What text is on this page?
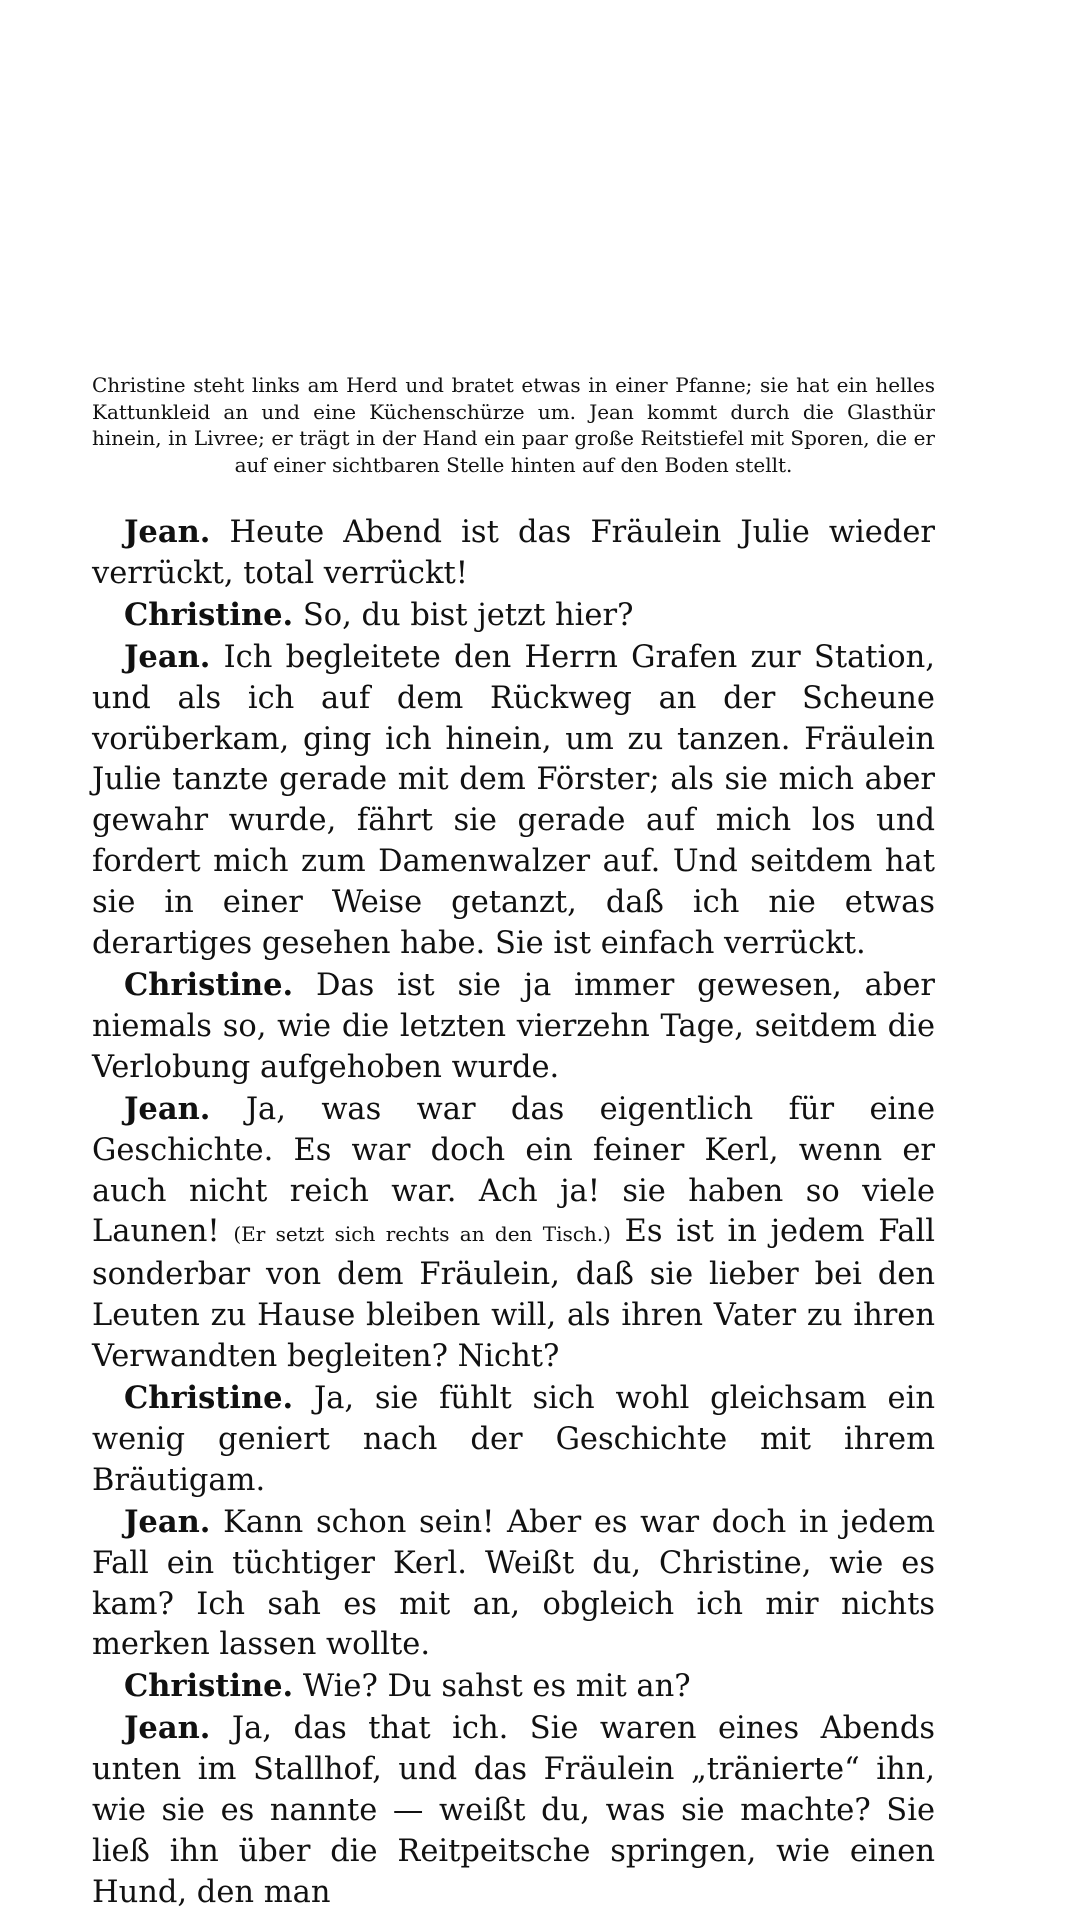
Christine steht links am Herd und bratet etwas in einer Pfanne; sie hat ein helles Kattunkleid an und eine Küchenschürze um. Jean kommt durch die Glasthür hinein, in Livree; er trägt in der Hand ein paar große Reitstiefel mit Sporen, die er auf einer sichtbaren Stelle hinten auf den Boden stellt.

Jean. Heute Abend ist das Fräulein Julie wieder verrückt, total verrückt!

Christine. So, du bist jetzt hier?

Jean. Ich begleitete den Herrn Grafen zur Station, und als ich auf dem Rückweg an der Scheune vorüberkam, ging ich hinein, um zu tanzen. Fräulein Julie tanzte gerade mit dem Förster; als sie mich aber gewahr wurde, fährt sie gerade auf mich los und fordert mich zum Damenwalzer auf. Und seitdem hat sie in einer Weise getanzt, daß ich nie etwas derartiges gesehen habe. Sie ist einfach verrückt.

Christine. Das ist sie ja immer gewesen, aber niemals so, wie die letzten vierzehn Tage, seitdem die Verlobung aufgehoben wurde.

Jean. Ja, was war das eigentlich für eine Geschichte. Es war doch ein feiner Kerl, wenn er auch nicht reich war. Ach ja! sie haben so viele Launen! (Er setzt sich rechts an den Tisch.) Es ist in jedem Fall sonderbar von dem Fräulein, daß sie lieber bei den Leuten zu Hause bleiben will, als ihren Vater zu ihren Verwandten begleiten? Nicht?

Christine. Ja, sie fühlt sich wohl gleichsam ein wenig geniert nach der Geschichte mit ihrem Bräutigam.

Jean. Kann schon sein! Aber es war doch in jedem Fall ein tüchtiger Kerl. Weißt du, Christine, wie es kam? Ich sah es mit an, obgleich ich mir nichts merken lassen wollte.

Christine. Wie? Du sahst es mit an?

Jean. Ja, das that ich. Sie waren eines Abends unten im Stallhof, und das Fräulein „tränierte“ ihn, wie sie es nannte — weißt du, was sie machte? Sie ließ ihn über die Reitpeitsche springen, wie einen Hund, den man
